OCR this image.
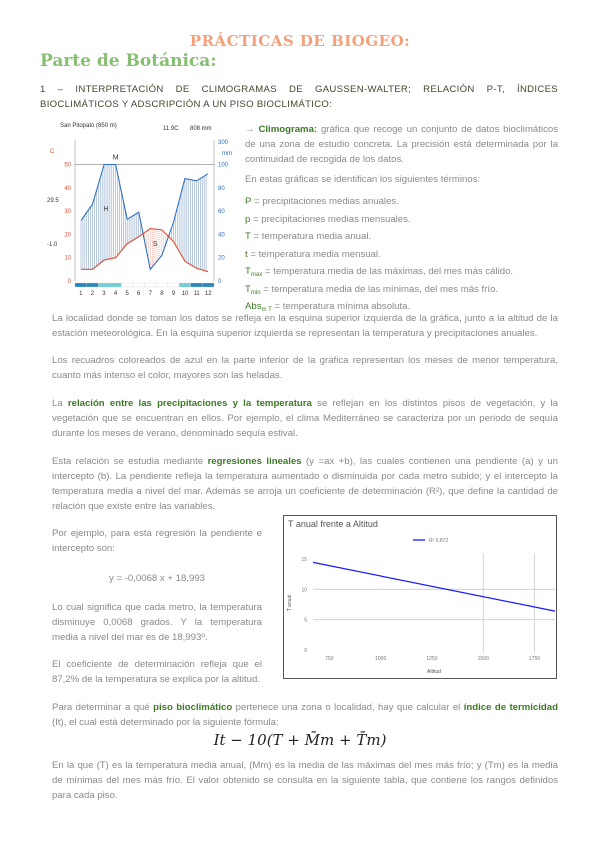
PRÁCTICAS DE BIOGEO:
Parte de Botánica:
1 – INTERPRETACIÓN DE CLIMOGRAMAS DE GAUSSEN-WALTER; RELACIÓN P-T, ÍNDICES BIOCLIMÁTICOS Y ADSCRIPCIÓN A UN PISO BIOCLIMÁTICO:
San Pitopato (850 m)	11.9C 808 mm
C	mm
29.5
-1.0
0
10
20
30
40
50
0
20
40
60
80
100
300
M
H
S
1 2 3 4 5 6 7 8 9 10 11 12
→ Climograma: gráfica que recoge un conjunto de datos bioclimáticos de una zona de estudio concreta. La precisión está determinada por la continuidad de recogida de los datos.
En estas gráficas se identifican los siguientes términos:
P = precipitaciones medias anuales.
p = precipitaciones medias mensuales.
T = temperatura media anual.
t = temperatura media mensual.
$T_{max}$ = temperatura media de las máximas, del mes más cálido.
$T_{min}$ = temperatura media de las mínimas, del mes más frío.
Abs$_{m T}$ = temperatura mínima absoluta.
La localidad donde se toman los datos se refleja en la esquina superior izquierda de la gráfica, junto a la altitud de la estación meteorológica. En la esquina superior izquierda se representan la temperatura y precipitaciones anuales.
Los recuadros coloreados de azul en la parte inferior de la gráfica representan los meses de menor temperatura, cuanto más intenso el color, mayores son las heladas.
La relación entre las precipitaciones y la temperatura se reflejan en los distintos pisos de vegetación, y la vegetación que se encuentran en ellos. Por ejemplo, el clima Mediterráneo se caracteriza por un periodo de sequía durante los meses de verano, denominado sequía estival.
Esta relación se estudia mediante regresiones lineales (y =ax +b), las cuales contienen una pendiente (a) y un intercepto (b). La pendiente refleja la temperatura aumentado o disminuida por cada metro subido; y el intercepto la temperatura media a nivel del mar. Además se arroja un coeficiente de determinación (R²), que define la cantidad de relación que existe entre las variables.
Por ejemplo, para esta regresión la pendiente e intercepto son:
y = -0,0068 x + 18,993
Lo cual significa que cada metro, la temperatura disminuye 0,0068 grados. Y la temperatura media a nivel del mar es de 18,993º.
El coeficiente de determinación refleja que el 87,2% de la temperatura se explica por la altitud.
T anual frente a Altitud
R² 0,872
0
5
10
15
750	1000	1250	1500	1750
Altitud
T anual
Para determinar a qué piso bioclimático pertenece una zona o localidad, hay que calcular el índice de termicidad (It), el cual está determinado por la siguiente fórmula:
It − 10(T + M̄m + T̄m)
En la que (T) es la temperatura media anual, (Mm) es la media de las máximas del mes más frío; y (Tm) es la media de mínimas del mes más frío. El valor obtenido se consulta en la siguiente tabla, que contiene los rangos definidos para cada piso.
